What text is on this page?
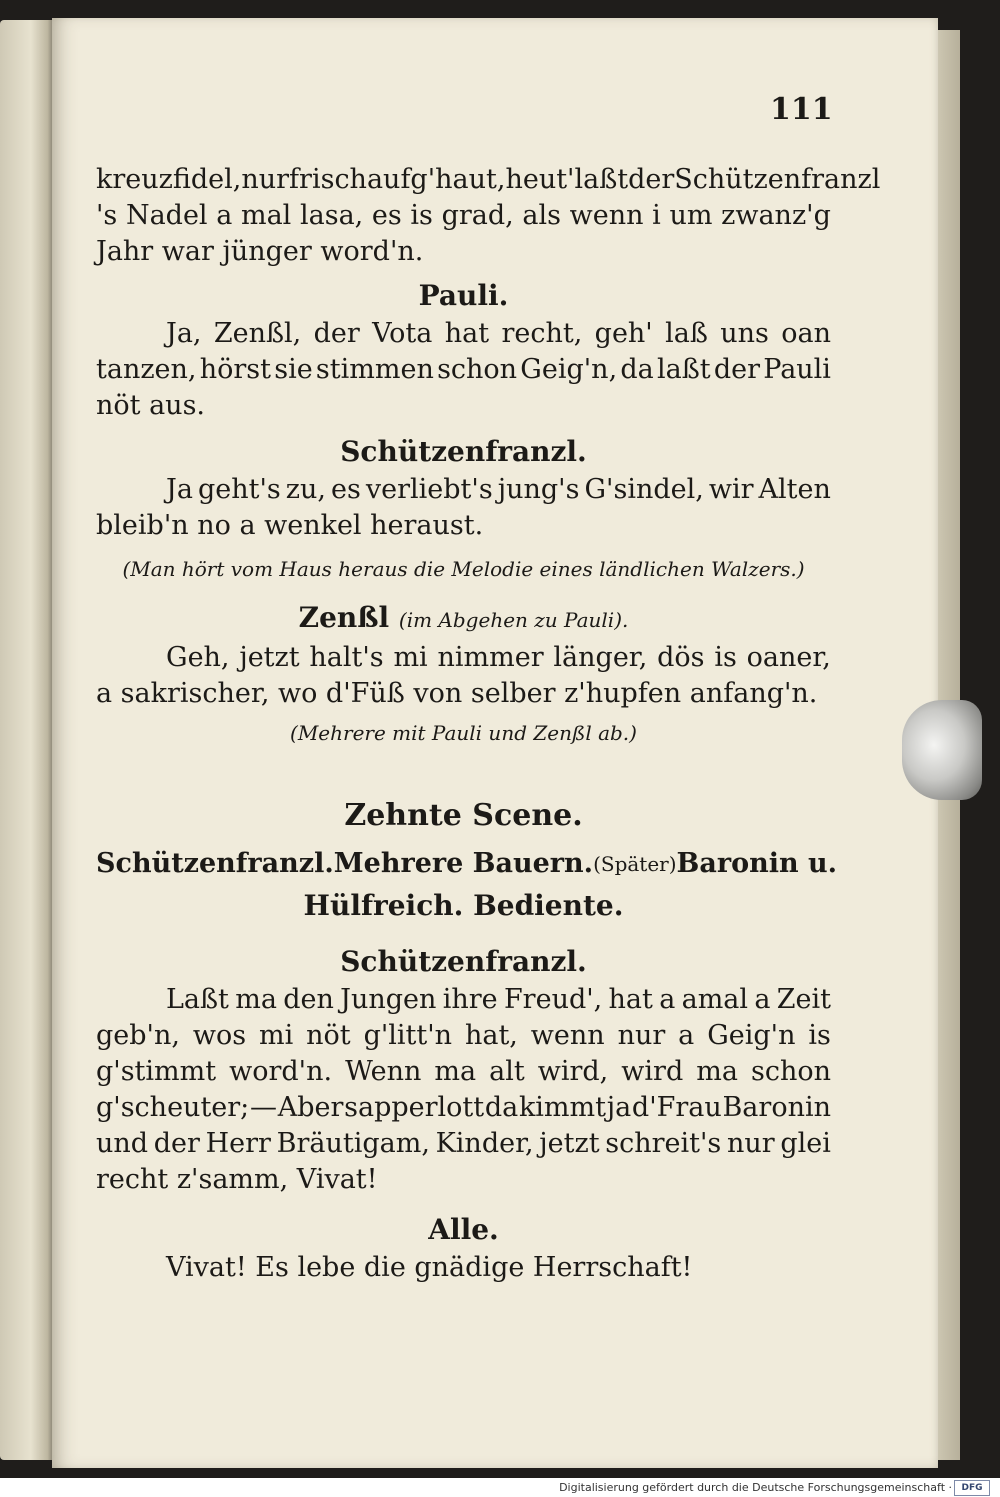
111
kreuzfidel, nur frisch aufg'haut, heut' laßt der Schützenfranzl
's Nadel a mal lasa, es is grad, als wenn i um zwanz'g
Jahr war jünger word'n.
Pauli.
Ja, Zenßl, der Vota hat recht, geh' laß uns oan
tanzen, hörst sie stimmen schon Geig'n, da laßt der Pauli
nöt aus.
Schützenfranzl.
Ja geht's zu, es verliebt's jung's G'sindel, wir Alten
bleib'n no a wenkel heraust.
(Man hört vom Haus heraus die Melodie eines ländlichen Walzers.)
Zenßl (im Abgehen zu Pauli).
Geh, jetzt halt's mi nimmer länger, dös is oaner,
a sakrischer, wo d'Füß von selber z'hupfen anfang'n.
(Mehrere mit Pauli und Zenßl ab.)
Zehnte Scene.
Schützenfranzl. Mehrere Bauern. (Später) Baronin u.
Hülfreich. Bediente.
Schützenfranzl.
Laßt ma den Jungen ihre Freud', hat a amal a Zeit
geb'n, wos mi nöt g'litt'n hat, wenn nur a Geig'n is
g'stimmt word'n. Wenn ma alt wird, wird ma schon
g'scheuter; — Aber sapperlott da kimmt ja d'Frau Baronin
und der Herr Bräutigam, Kinder, jetzt schreit's nur glei
recht z'samm, Vivat!
Alle.
Vivat! Es lebe die gnädige Herrschaft!
Digitalisierung gefördert durch die Deutsche Forschungsgemeinschaft ·	DFG
